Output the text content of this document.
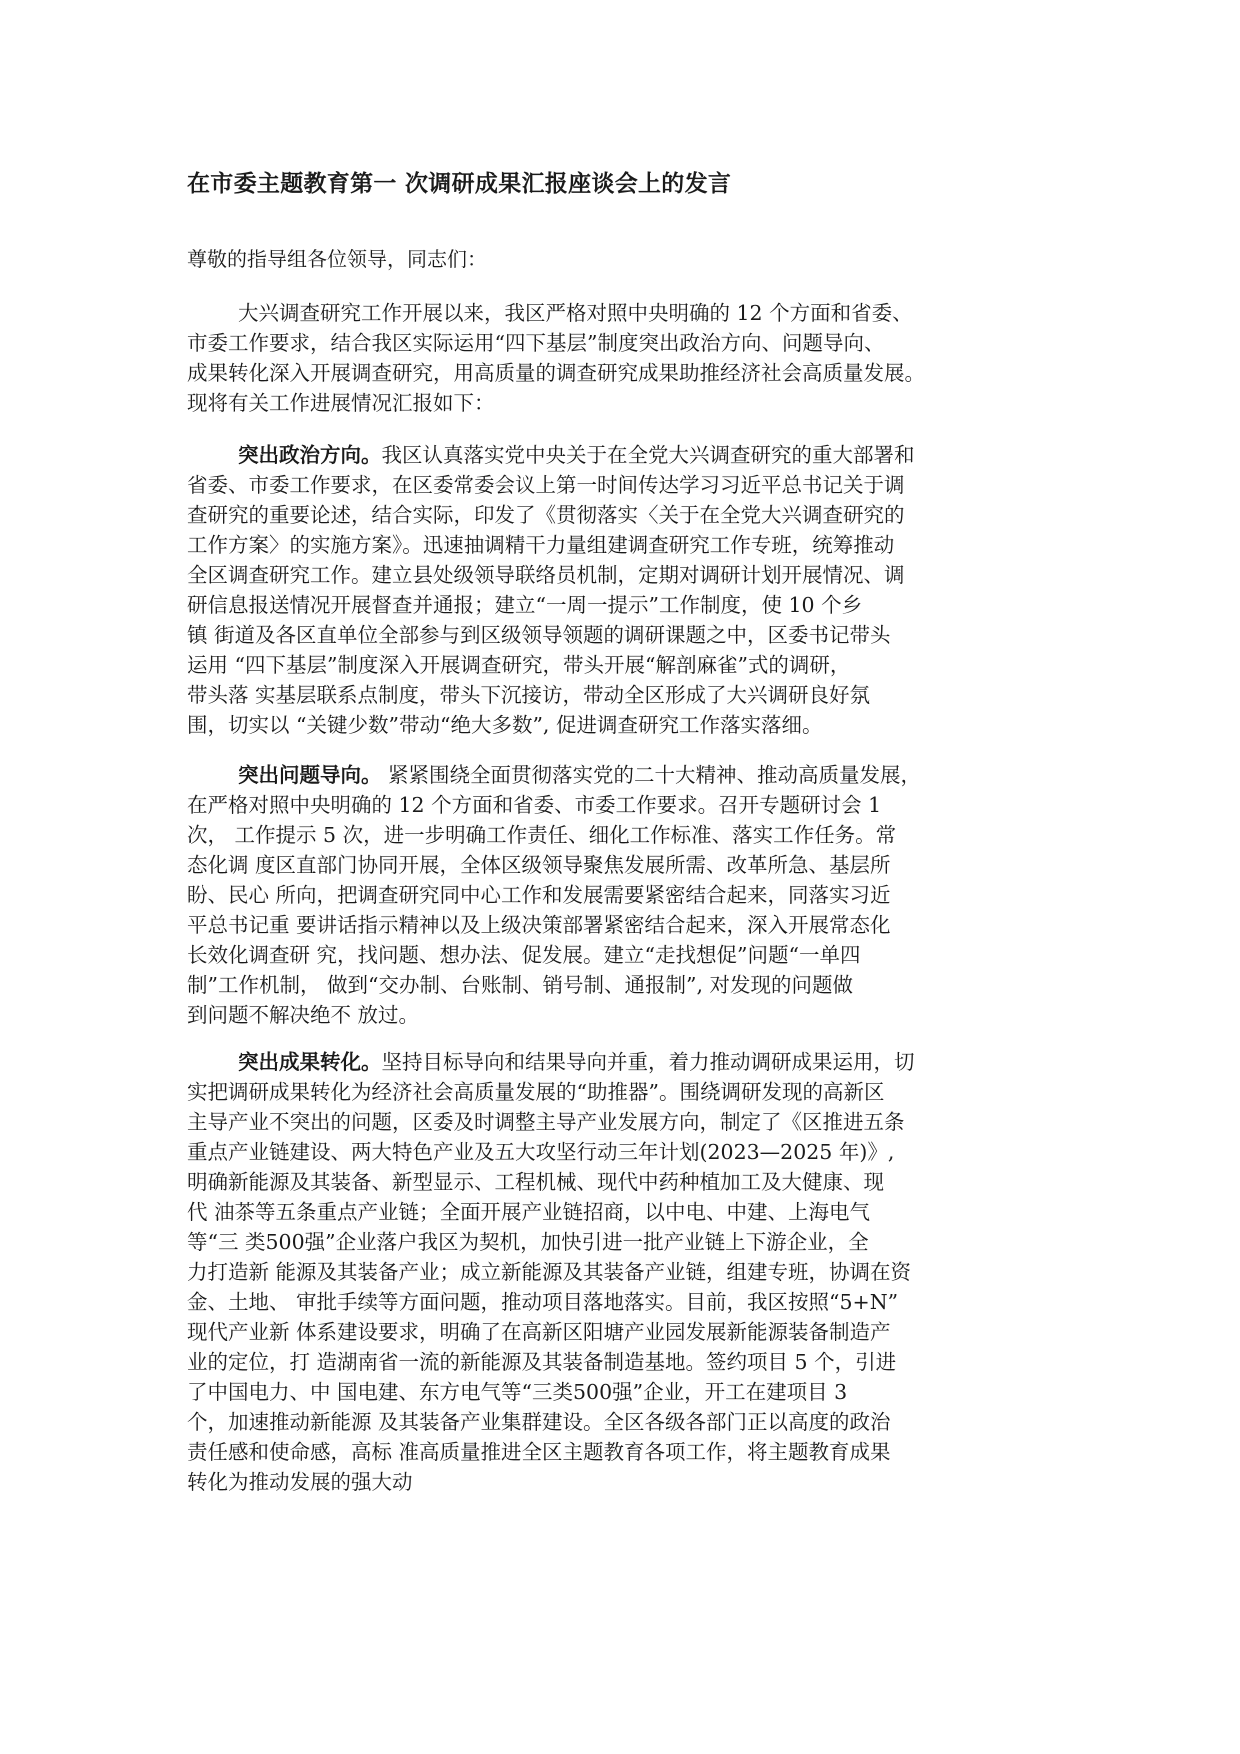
在市委主题教育第一 次调研成果汇报座谈会上的发言

尊敬的指导组各位领导，同志们：

大兴调查研究工作开展以来，我区严格对照中央明确的 12 个方面和省委、
市委工作要求，结合我区实际运用“四下基层”制度突出政治方向、问题导向、
成果转化深入开展调查研究，用高质量的调查研究成果助推经济社会高质量发展。
现将有关工作进展情况汇报如下：
突出政治方向。我区认真落实党中央关于在全党大兴调查研究的重大部署和
省委、市委工作要求，在区委常委会议上第一时间传达学习习近平总书记关于调
查研究的重要论述，结合实际，印发了《贯彻落实〈关于在全党大兴调查研究的
工作方案〉的实施方案》。迅速抽调精干力量组建调查研究工作专班，统筹推动
全区调查研究工作。建立县处级领导联络员机制，定期对调研计划开展情况、调
研信息报送情况开展督查并通报；建立“一周一提示”工作制度，使 10 个乡
镇 街道及各区直单位全部参与到区级领导领题的调研课题之中，区委书记带头
运用 “四下基层”制度深入开展调查研究，带头开展“解剖麻雀”式的调研，
带头落 实基层联系点制度，带头下沉接访，带动全区形成了大兴调研良好氛
围，切实以 “关键少数”带动“绝大多数”, 促进调查研究工作落实落细。
突出问题导向。 紧紧围绕全面贯彻落实党的二十大精神、推动高质量发展，
在严格对照中央明确的 12 个方面和省委、市委工作要求。召开专题研讨会 1
次， 工作提示 5 次，进一步明确工作责任、细化工作标准、落实工作任务。常
态化调 度区直部门协同开展，全体区级领导聚焦发展所需、改革所急、基层所
盼、民心 所向，把调查研究同中心工作和发展需要紧密结合起来，同落实习近
平总书记重 要讲话指示精神以及上级决策部署紧密结合起来，深入开展常态化
长效化调查研 究，找问题、想办法、促发展。建立“走找想促”问题“一单四
制”工作机制， 做到“交办制、台账制、销号制、通报制”, 对发现的问题做
到问题不解决绝不 放过。
突出成果转化。坚持目标导向和结果导向并重，着力推动调研成果运用，切
实把调研成果转化为经济社会高质量发展的“助推器”。围绕调研发现的高新区
主导产业不突出的问题，区委及时调整主导产业发展方向，制定了《区推进五条
重点产业链建设、两大特色产业及五大攻坚行动三年计划(2023—2025 年)》,
明确新能源及其装备、新型显示、工程机械、现代中药种植加工及大健康、现
代 油茶等五条重点产业链；全面开展产业链招商，以中电、中建、上海电气
等“三 类500强”企业落户我区为契机，加快引进一批产业链上下游企业，全
力打造新 能源及其装备产业；成立新能源及其装备产业链，组建专班，协调在资
金、土地、 审批手续等方面问题，推动项目落地落实。目前，我区按照“5+N”
现代产业新 体系建设要求，明确了在高新区阳塘产业园发展新能源装备制造产
业的定位，打 造湖南省一流的新能源及其装备制造基地。签约项目 5 个，引进
了中国电力、中 国电建、东方电气等“三类500强”企业，开工在建项目 3
个，加速推动新能源 及其装备产业集群建设。全区各级各部门正以高度的政治
责任感和使命感，高标 准高质量推进全区主题教育各项工作，将主题教育成果
转化为推动发展的强大动
